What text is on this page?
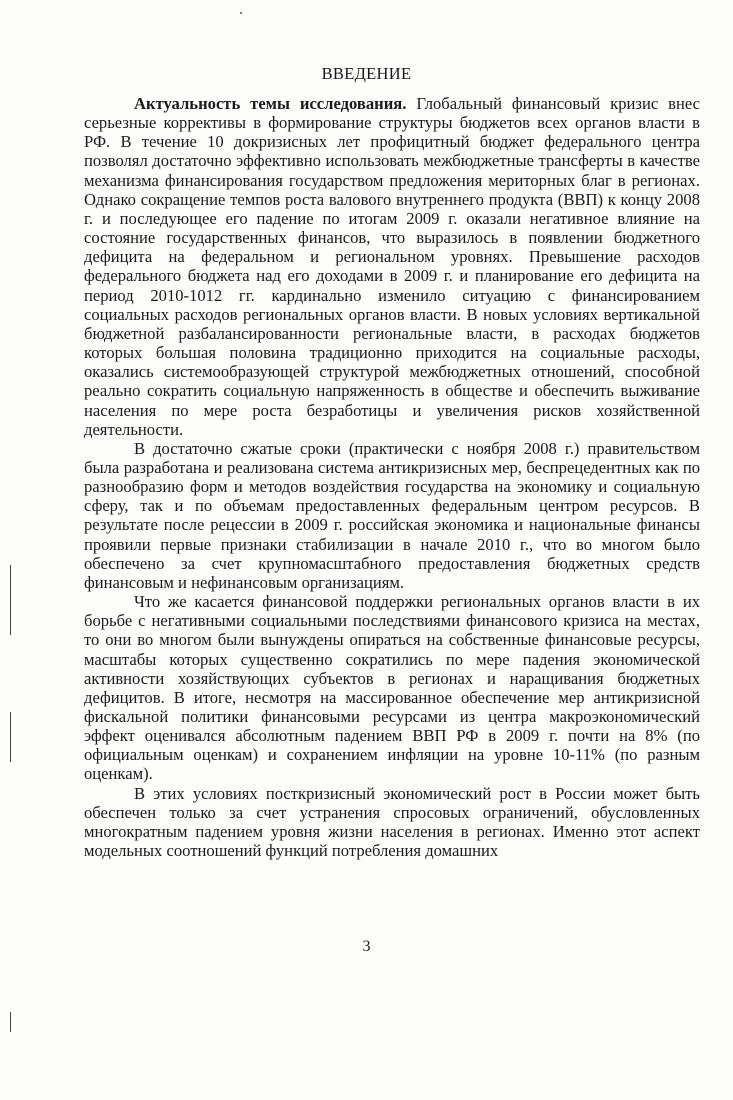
ВВЕДЕНИЕ

Актуальность темы исследования. Глобальный финансовый кризис внес серьезные коррективы в формирование структуры бюджетов всех органов власти в РФ. В течение 10 докризисных лет профицитный бюджет федерального центра позволял достаточно эффективно использовать межбюджетные трансферты в качестве механизма финансирования государством предложения мериторных благ в регионах. Однако сокращение темпов роста валового внутреннего продукта (ВВП) к концу 2008 г. и последующее его падение по итогам 2009 г. оказали негативное влияние на состояние государственных финансов, что выразилось в появлении бюджетного дефицита на федеральном и региональном уровнях. Превышение расходов федерального бюджета над его доходами в 2009 г. и планирование его дефицита на период 2010-1012 гг. кардинально изменило ситуацию с финансированием социальных расходов региональных органов власти. В новых условиях вертикальной бюджетной разбалансированности региональные власти, в расходах бюджетов которых большая половина традиционно приходится на социальные расходы, оказались системообразующей структурой межбюджетных отношений, способной реально сократить социальную напряженность в обществе и обеспечить выживание населения по мере роста безработицы и увеличения рисков хозяйственной деятельности.

В достаточно сжатые сроки (практически с ноября 2008 г.) правительством была разработана и реализована система антикризисных мер, беспрецедентных как по разнообразию форм и методов воздействия государства на экономику и социальную сферу, так и по объемам предоставленных федеральным центром ресурсов. В результате после рецессии в 2009 г. российская экономика и национальные финансы проявили первые признаки стабилизации в начале 2010 г., что во многом было обеспечено за счет крупномасштабного предоставления бюджетных средств финансовым и нефинансовым организациям.

Что же касается финансовой поддержки региональных органов власти в их борьбе с негативными социальными последствиями финансового кризиса на местах, то они во многом были вынуждены опираться на собственные финансовые ресурсы, масштабы которых существенно сократились по мере падения экономической активности хозяйствующих субъектов в регионах и наращивания бюджетных дефицитов. В итоге, несмотря на массированное обеспечение мер антикризисной фискальной политики финансовыми ресурсами из центра макроэкономический эффект оценивался абсолютным падением ВВП РФ в 2009 г. почти на 8% (по официальным оценкам) и сохранением инфляции на уровне 10-11% (по разным оценкам).

В этих условиях посткризисный экономический рост в России может быть обеспечен только за счет устранения спросовых ограничений, обусловленных многократным падением уровня жизни населения в регионах. Именно этот аспект модельных соотношений функций потребления домашних

3
